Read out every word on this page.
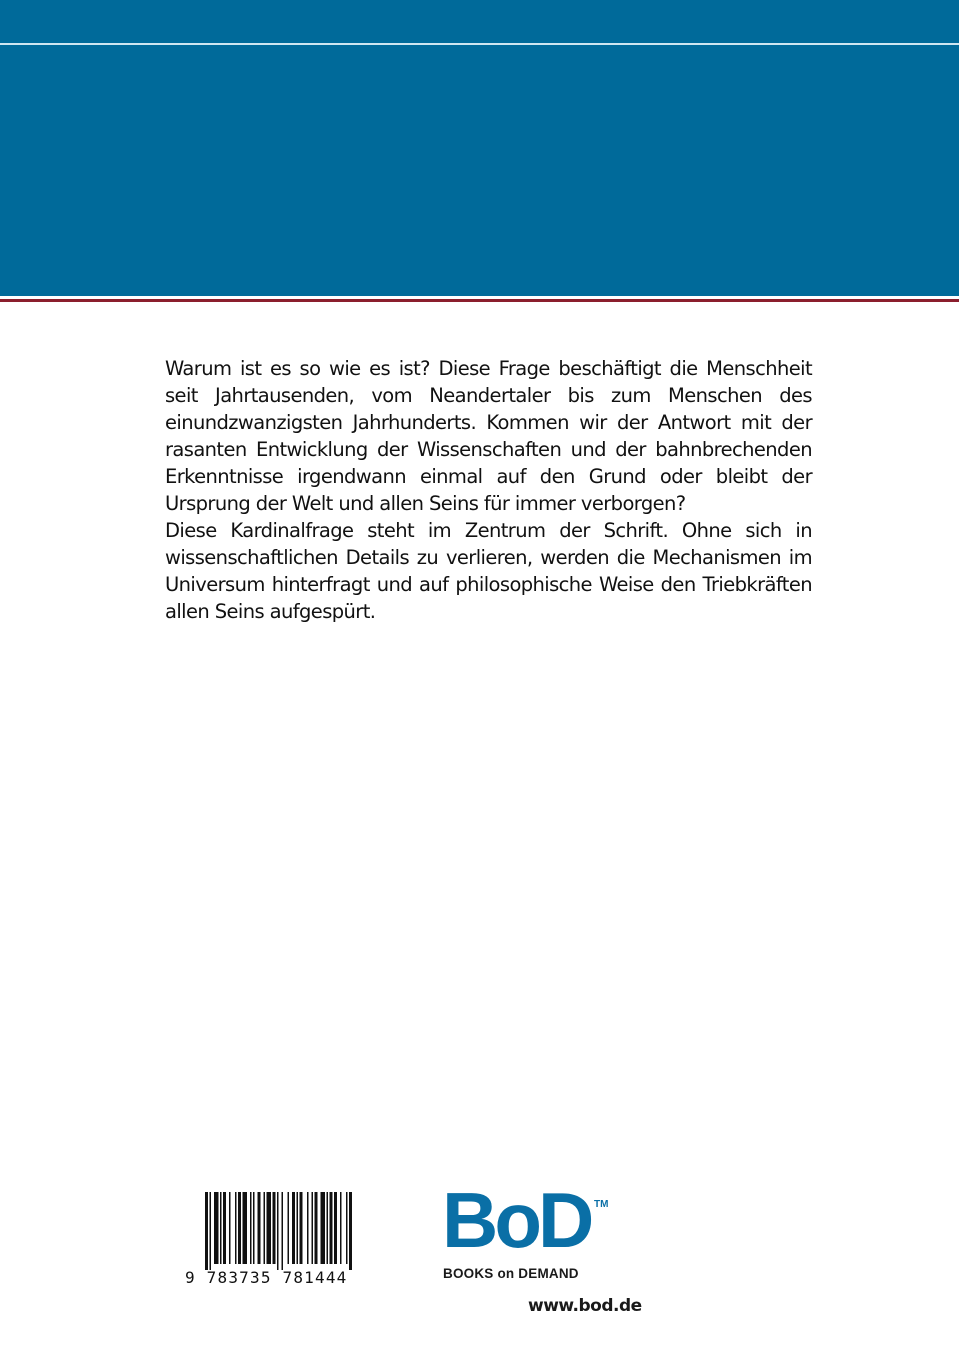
Warum ist es so wie es ist? Diese Frage beschäftigt die Menschheit seit Jahrtausenden, vom Neandertaler bis zum Menschen des einundzwanzigsten Jahrhunderts. Kommen wir der Antwort mit der rasanten Entwicklung der Wissenschaften und der bahnbrechenden Erkenntnisse irgendwann einmal auf den Grund oder bleibt der Ursprung der Welt und allen Seins für immer verborgen?

Diese Kardinalfrage steht im Zentrum der Schrift. Ohne sich in wissenschaftlichen Details zu verlieren, werden die Mechanismen im Universum hinterfragt und auf philosophische Weise den Triebkräften allen Seins aufgespürt.

9 783735 781444
BoD TM
BOOKS on DEMAND
www.bod.de
